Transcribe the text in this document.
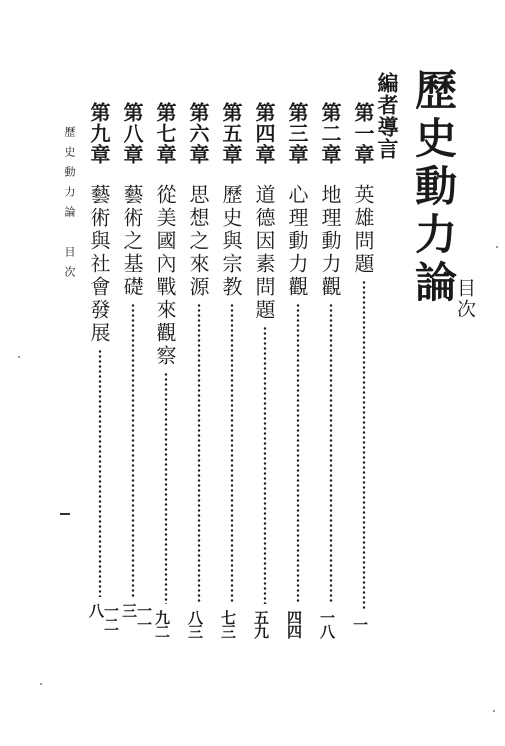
歷史動力論
目次
編者導言
第一章
英雄問題
一
第二章
地理動力觀
一八
第三章
心理動力觀
四四
第四章
道德因素問題
五九
第五章
歷史與宗教
七三
第六章
思想之來源
八三
第七章
從美國內戰來觀察
九二
第八章
藝術之基礎
一一三
第九章
藝術與社會發展
一二八
歷史動力論　目次
